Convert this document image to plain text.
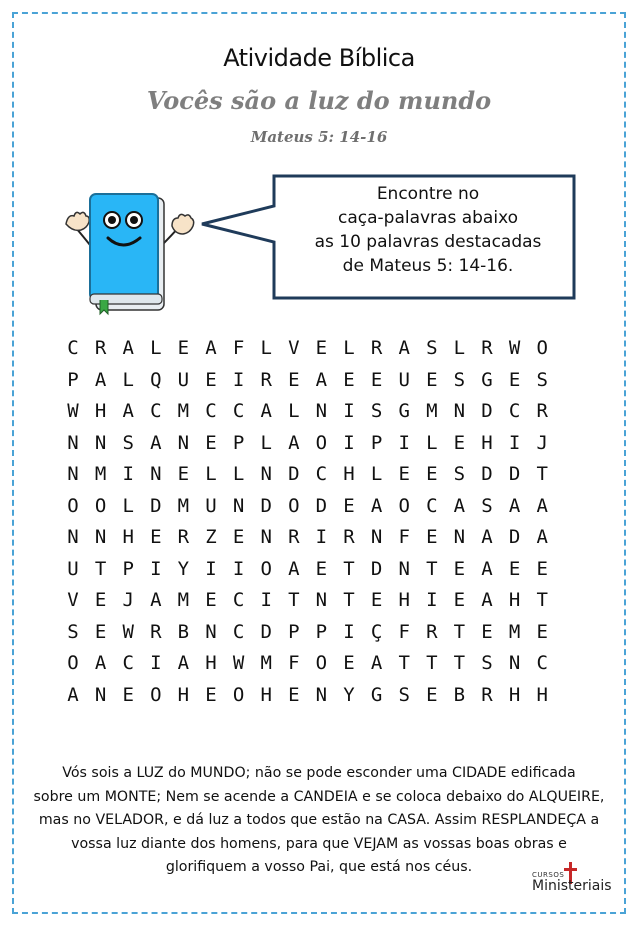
Atividade Bíblica
Vocês são a luz do mundo
Mateus 5: 14-16
Encontre no
caça-palavras abaixo
as 10 palavras destacadas
de Mateus 5: 14-16.
C R A L E A F L V E L R A S L R W O
P A L Q U E I R E A E E U E S G E S
W H A C M C C A L N I S G M N D C R
N N S A N E P L A O I P I L E H I J
N M I N E L L N D C H L E E S D D T
O O L D M U N D O D E A O C A S A A
N N H E R Z E N R I R N F E N A D A
U T P I Y I I O A E T D N T E A E E
V E J A M E C I T N T E H I E A H T
S E W R B N C D P P I Ç F R T E M E
O A C I A H W M F O E A T T T S N C
A N E O H E O H E N Y G S E B R H H
Vós sois a LUZ do MUNDO; não se pode esconder uma CIDADE edificada
sobre um MONTE; Nem se acende a CANDEIA e se coloca debaixo do ALQUEIRE,
mas no VELADOR, e dá luz a todos que estão na CASA. Assim RESPLANDEÇA a
vossa luz diante dos homens, para que VEJAM as vossas boas obras e
glorifiquem a vosso Pai, que está nos céus.	CURSOS
Ministeriais
